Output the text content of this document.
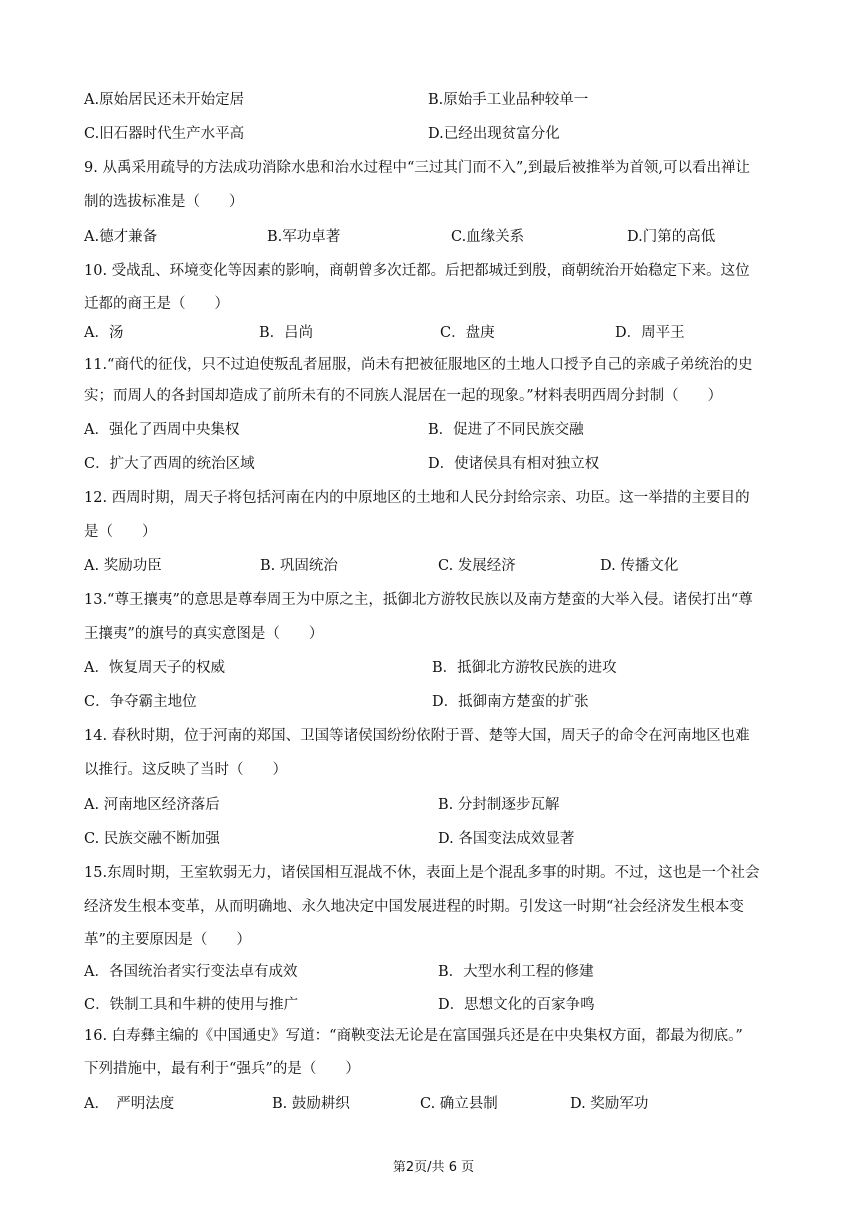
A.原始居民还未开始定居	B.原始手工业品种较单一
C.旧石器时代生产水平高	D.已经出现贫富分化
9. 从禹采用疏导的方法成功消除水患和治水过程中“三过其门而不入”,到最后被推举为首领,可以看出禅让
制的选拔标准是（　　）
A.德才兼备	B.军功卓著	C.血缘关系	D.门第的高低
10. 受战乱、环境变化等因素的影响，商朝曾多次迁都。后把都城迁到殷，商朝统治开始稳定下来。这位
迁都的商王是（　　）
A．汤	B．吕尚	C．盘庚	D．周平王
11.“商代的征伐，只不过迫使叛乱者屈服，尚未有把被征服地区的土地人口授予自己的亲戚子弟统治的史
实；而周人的各封国却造成了前所未有的不同族人混居在一起的现象。”材料表明西周分封制（　　）
A．强化了西周中央集权	B．促进了不同民族交融
C．扩大了西周的统治区域	D．使诸侯具有相对独立权
12. 西周时期，周天子将包括河南在内的中原地区的土地和人民分封给宗亲、功臣。这一举措的主要目的
是（　　）
A. 奖励功臣	B. 巩固统治	C. 发展经济	D. 传播文化
13.“尊王攘夷”的意思是尊奉周王为中原之主，抵御北方游牧民族以及南方楚蛮的大举入侵。诸侯打出“尊
王攘夷”的旗号的真实意图是（　　）
A．恢复周天子的权威	B．抵御北方游牧民族的进攻
C．争夺霸主地位	D．抵御南方楚蛮的扩张
14. 春秋时期，位于河南的郑国、卫国等诸侯国纷纷依附于晋、楚等大国，周天子的命令在河南地区也难
以推行。这反映了当时（　　）
A. 河南地区经济落后	B. 分封制逐步瓦解
C. 民族交融不断加强	D. 各国变法成效显著
15.东周时期，王室软弱无力，诸侯国相互混战不休，表面上是个混乱多事的时期。不过，这也是一个社会
经济发生根本变革，从而明确地、永久地决定中国发展进程的时期。引发这一时期“社会经济发生根本变
革”的主要原因是（　　）
A．各国统治者实行变法卓有成效	B．大型水利工程的修建
C．铁制工具和牛耕的使用与推广	D．思想文化的百家争鸣
16. 白寿彝主编的《中国通史》写道：“商鞅变法无论是在富国强兵还是在中央集权方面，都最为彻底。”
下列措施中，最有利于“强兵”的是（　　）
A．　严明法度	B. 鼓励耕织	C. 确立县制	D. 奖励军功
第2页/共 6 页
